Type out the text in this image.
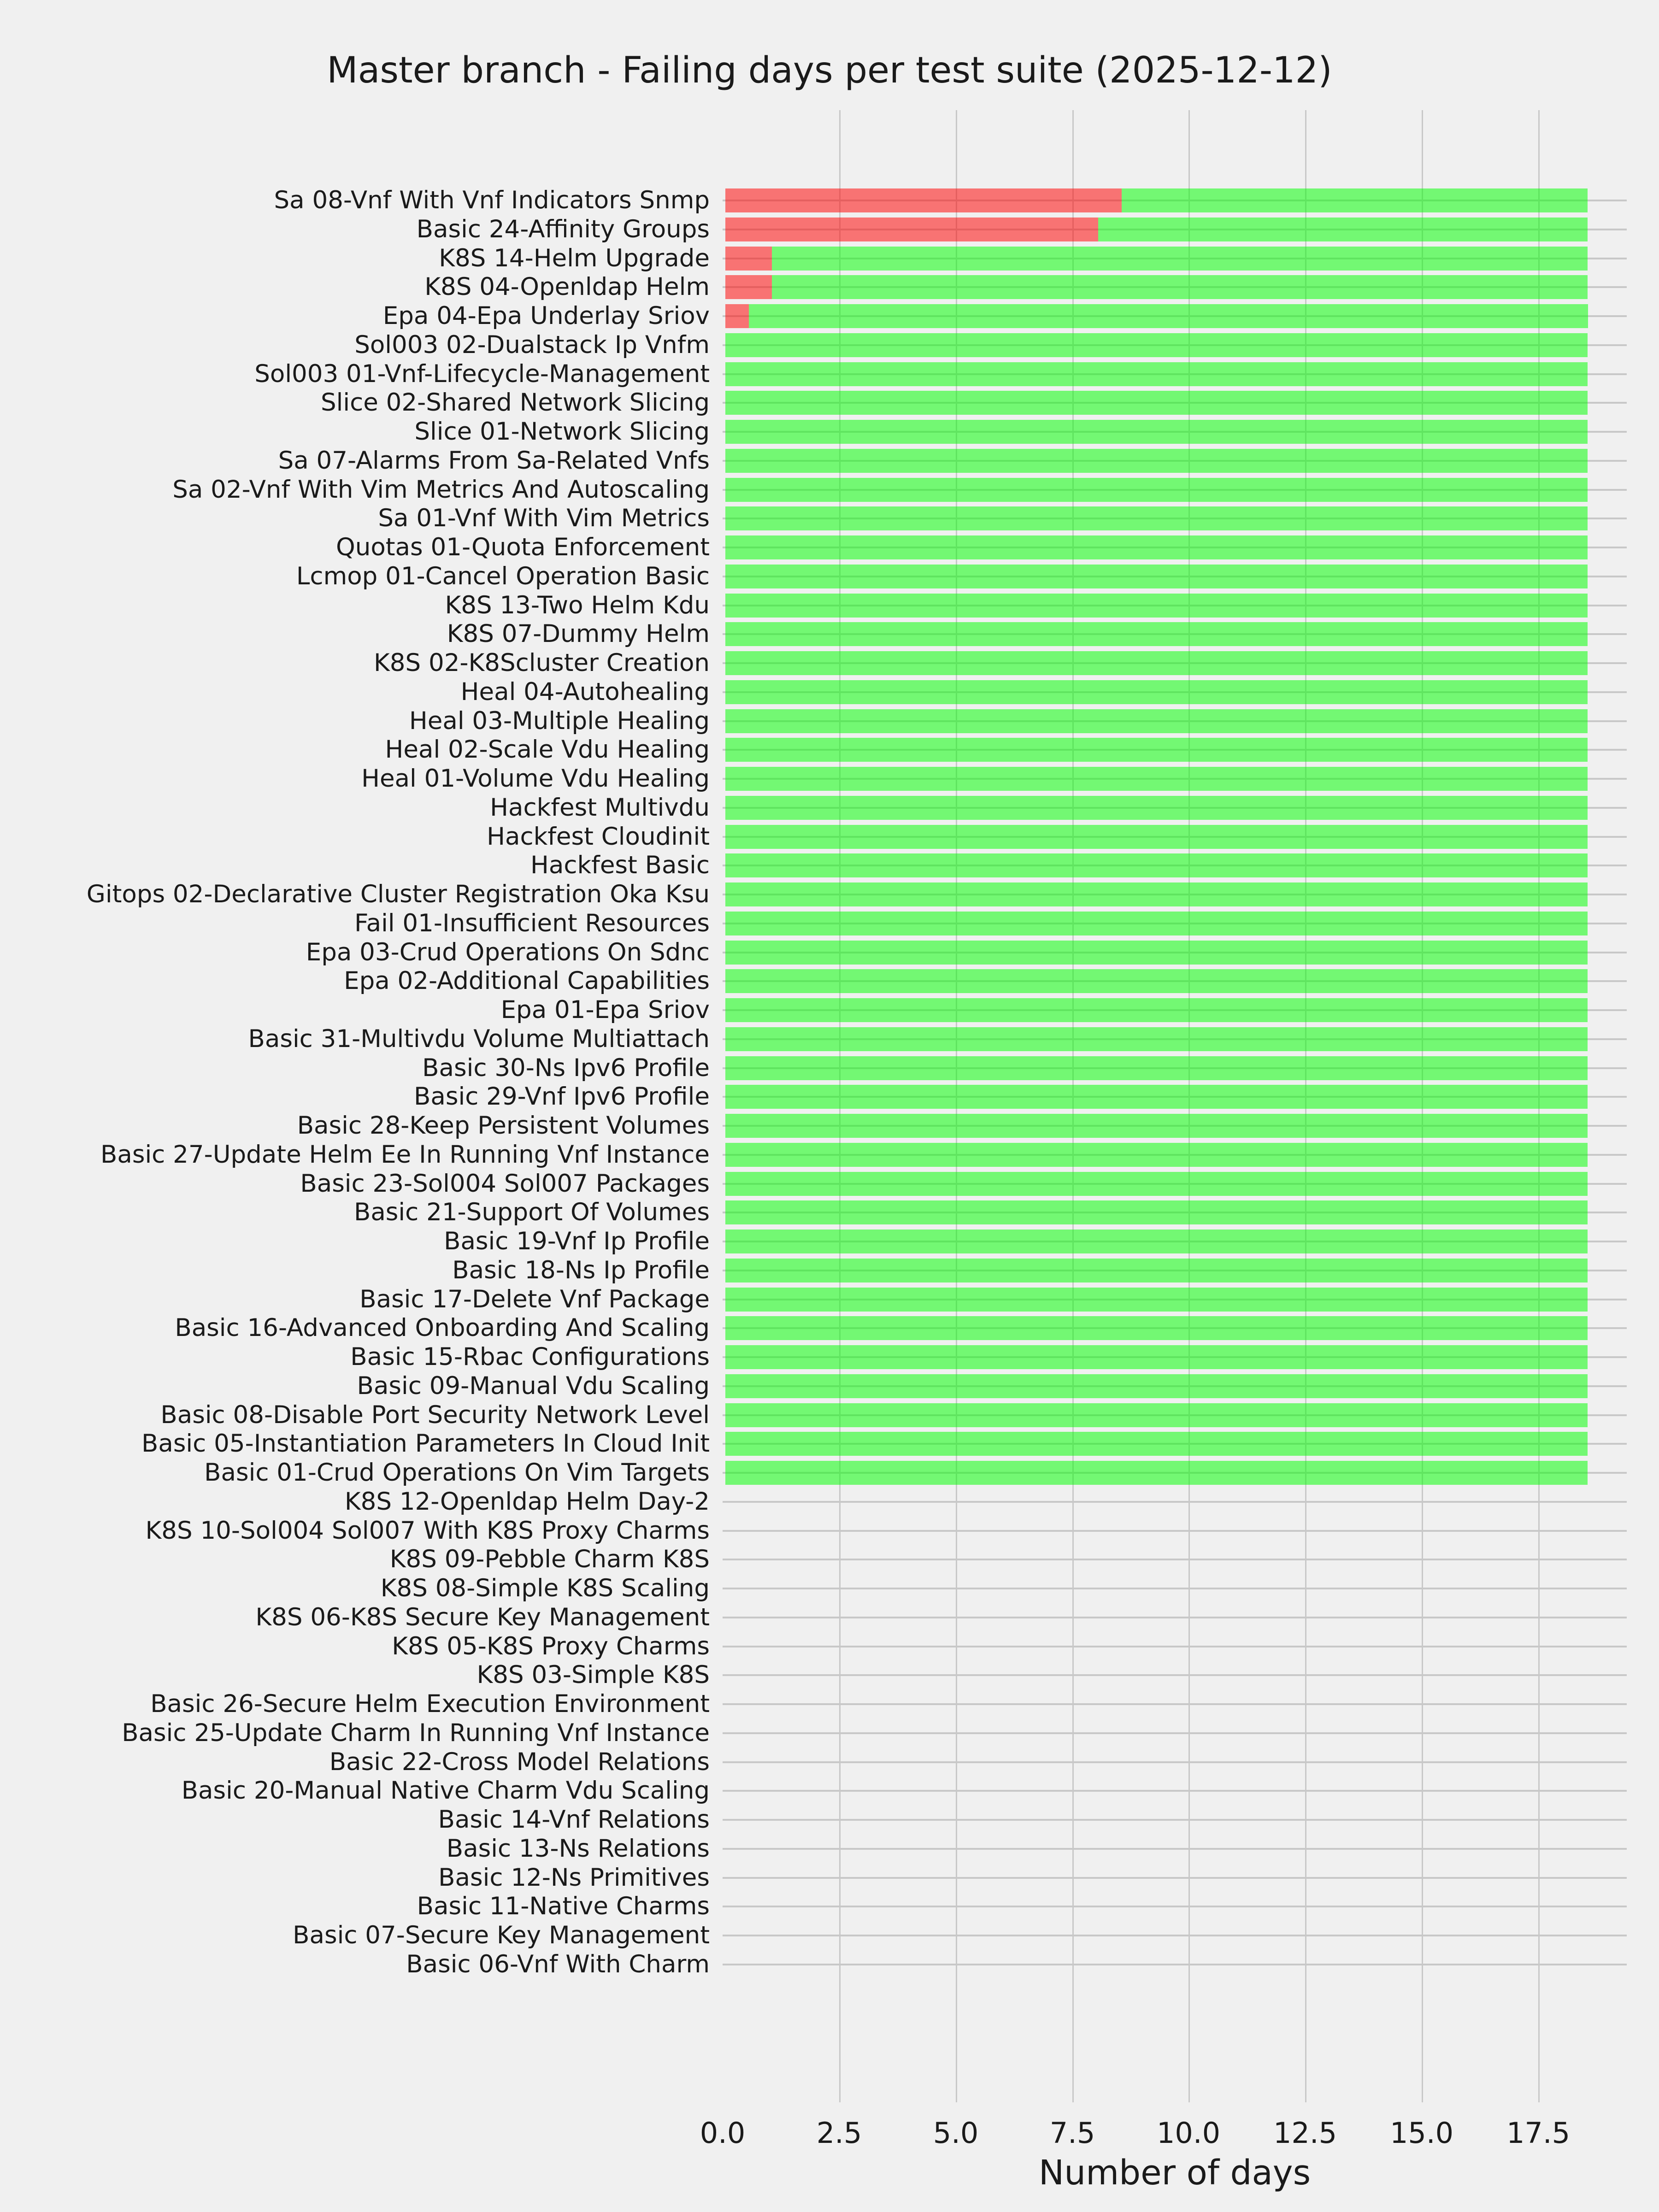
Master branch - Failing days per test suite (2025-12-12)
Sa 08-Vnf With Vnf Indicators Snmp
Basic 24-Affinity Groups
K8S 14-Helm Upgrade
K8S 04-Openldap Helm
Epa 04-Epa Underlay Sriov
Sol003 02-Dualstack Ip Vnfm
Sol003 01-Vnf-Lifecycle-Management
Slice 02-Shared Network Slicing
Slice 01-Network Slicing
Sa 07-Alarms From Sa-Related Vnfs
Sa 02-Vnf With Vim Metrics And Autoscaling
Sa 01-Vnf With Vim Metrics
Quotas 01-Quota Enforcement
Lcmop 01-Cancel Operation Basic
K8S 13-Two Helm Kdu
K8S 07-Dummy Helm
K8S 02-K8Scluster Creation
Heal 04-Autohealing
Heal 03-Multiple Healing
Heal 02-Scale Vdu Healing
Heal 01-Volume Vdu Healing
Hackfest Multivdu
Hackfest Cloudinit
Hackfest Basic
Gitops 02-Declarative Cluster Registration Oka Ksu
Fail 01-Insufficient Resources
Epa 03-Crud Operations On Sdnc
Epa 02-Additional Capabilities
Epa 01-Epa Sriov
Basic 31-Multivdu Volume Multiattach
Basic 30-Ns Ipv6 Profile
Basic 29-Vnf Ipv6 Profile
Basic 28-Keep Persistent Volumes
Basic 27-Update Helm Ee In Running Vnf Instance
Basic 23-Sol004 Sol007 Packages
Basic 21-Support Of Volumes
Basic 19-Vnf Ip Profile
Basic 18-Ns Ip Profile
Basic 17-Delete Vnf Package
Basic 16-Advanced Onboarding And Scaling
Basic 15-Rbac Configurations
Basic 09-Manual Vdu Scaling
Basic 08-Disable Port Security Network Level
Basic 05-Instantiation Parameters In Cloud Init
Basic 01-Crud Operations On Vim Targets
K8S 12-Openldap Helm Day-2
K8S 10-Sol004 Sol007 With K8S Proxy Charms
K8S 09-Pebble Charm K8S
K8S 08-Simple K8S Scaling
K8S 06-K8S Secure Key Management
K8S 05-K8S Proxy Charms
K8S 03-Simple K8S
Basic 26-Secure Helm Execution Environment
Basic 25-Update Charm In Running Vnf Instance
Basic 22-Cross Model Relations
Basic 20-Manual Native Charm Vdu Scaling
Basic 14-Vnf Relations
Basic 13-Ns Relations
Basic 12-Ns Primitives
Basic 11-Native Charms
Basic 07-Secure Key Management
Basic 06-Vnf With Charm
0.0 2.5 5.0 7.5 10.0 12.5 15.0 17.5
Number of days
